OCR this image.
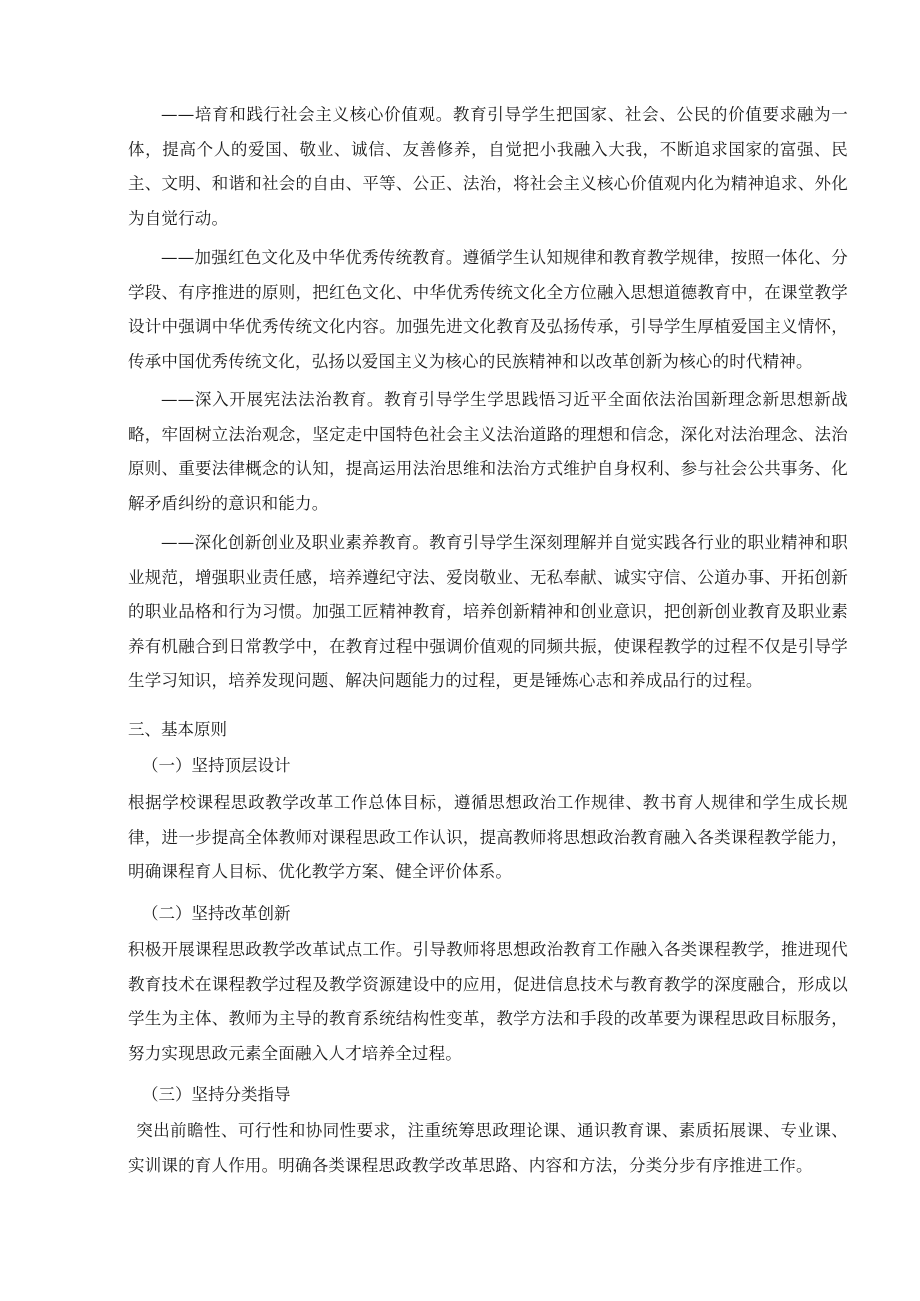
——培育和践行社会主义核心价值观。教育引导学生把国家、社会、公民的价值要求融为一体，提高个人的爱国、敬业、诚信、友善修养，自觉把小我融入大我，不断追求国家的富强、民主、文明、和谐和社会的自由、平等、公正、法治，将社会主义核心价值观内化为精神追求、外化为自觉行动。

——加强红色文化及中华优秀传统教育。遵循学生认知规律和教育教学规律，按照一体化、分学段、有序推进的原则，把红色文化、中华优秀传统文化全方位融入思想道德教育中，在课堂教学设计中强调中华优秀传统文化内容。加强先进文化教育及弘扬传承，引导学生厚植爱国主义情怀，传承中国优秀传统文化，弘扬以爱国主义为核心的民族精神和以改革创新为核心的时代精神。

——深入开展宪法法治教育。教育引导学生学思践悟习近平全面依法治国新理念新思想新战略，牢固树立法治观念，坚定走中国特色社会主义法治道路的理想和信念，深化对法治理念、法治原则、重要法律概念的认知，提高运用法治思维和法治方式维护自身权利、参与社会公共事务、化解矛盾纠纷的意识和能力。

——深化创新创业及职业素养教育。教育引导学生深刻理解并自觉实践各行业的职业精神和职业规范，增强职业责任感，培养遵纪守法、爱岗敬业、无私奉献、诚实守信、公道办事、开拓创新的职业品格和行为习惯。加强工匠精神教育，培养创新精神和创业意识，把创新创业教育及职业素养有机融合到日常教学中，在教育过程中强调价值观的同频共振，使课程教学的过程不仅是引导学生学习知识，培养发现问题、解决问题能力的过程，更是锤炼心志和养成品行的过程。

三、基本原则
（一）坚持顶层设计

根据学校课程思政教学改革工作总体目标，遵循思想政治工作规律、教书育人规律和学生成长规律，进一步提高全体教师对课程思政工作认识，提高教师将思想政治教育融入各类课程教学能力，明确课程育人目标、优化教学方案、健全评价体系。

（二）坚持改革创新

积极开展课程思政教学改革试点工作。引导教师将思想政治教育工作融入各类课程教学，推进现代教育技术在课程教学过程及教学资源建设中的应用，促进信息技术与教育教学的深度融合，形成以学生为主体、教师为主导的教育系统结构性变革，教学方法和手段的改革要为课程思政目标服务，努力实现思政元素全面融入人才培养全过程。

（三）坚持分类指导

突出前瞻性、可行性和协同性要求，注重统筹思政理论课、通识教育课、素质拓展课、专业课、实训课的育人作用。明确各类课程思政教学改革思路、内容和方法，分类分步有序推进工作。
